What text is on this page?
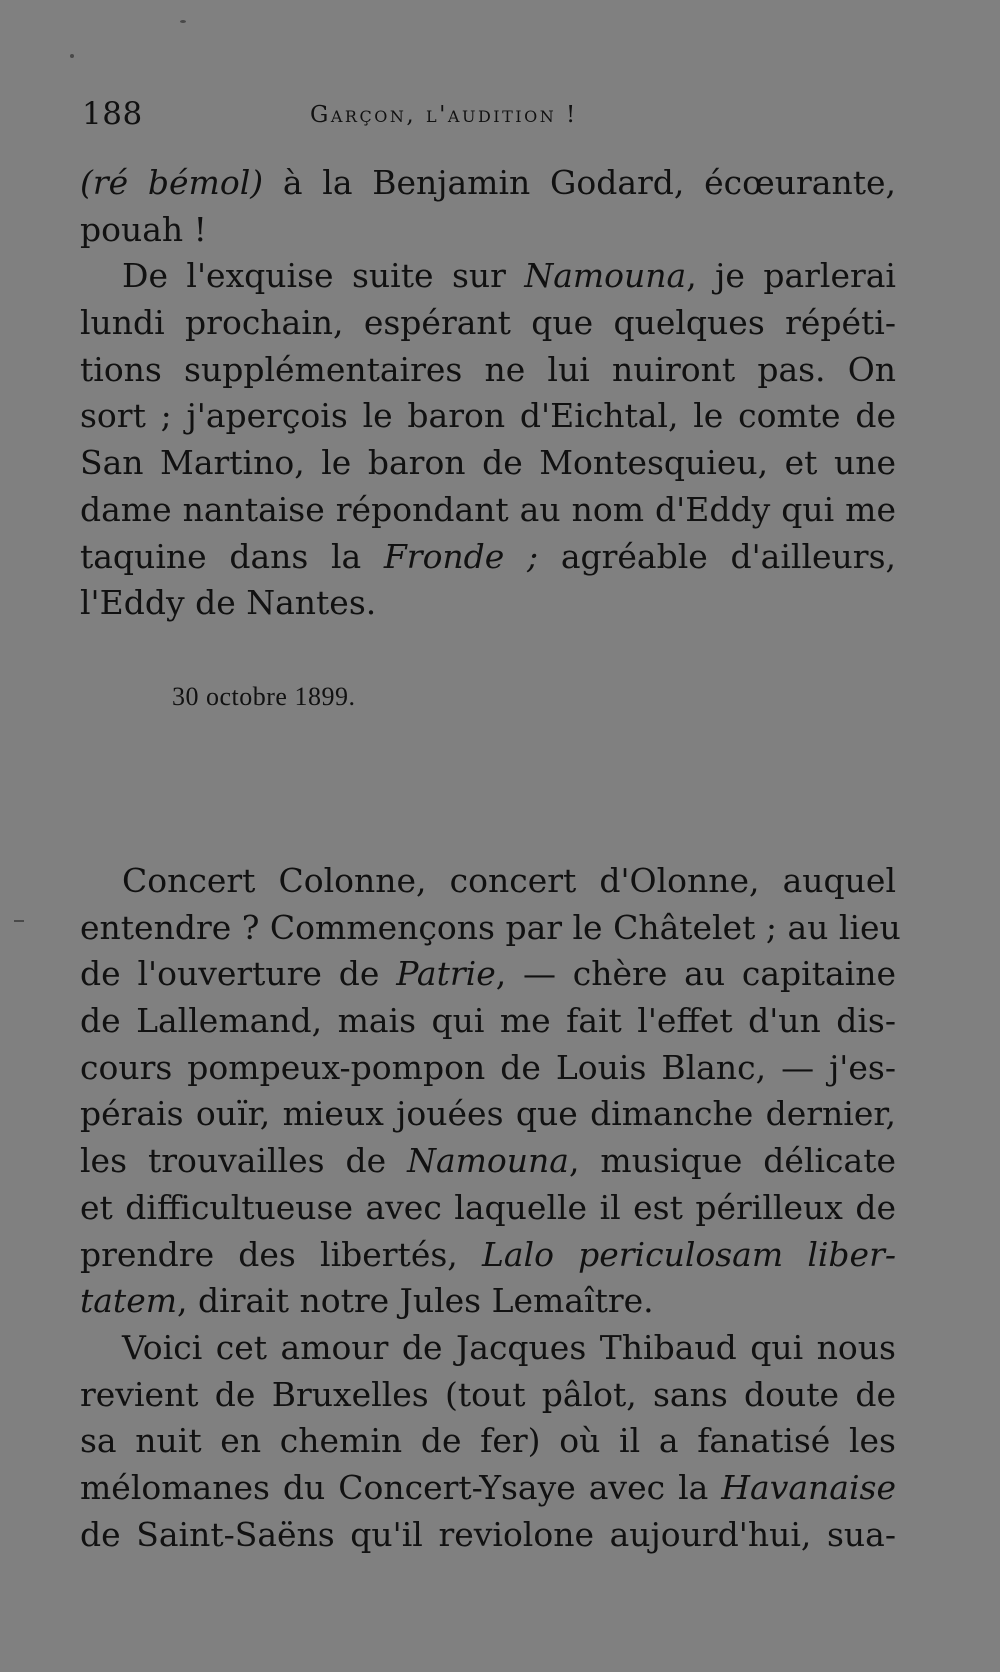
188	Garçon, l'audition !
(ré bémol) à la Benjamin Godard, écœurante,
pouah !
De l'exquise suite sur Namouna, je parlerai
lundi prochain, espérant que quelques répéti-
tions supplémentaires ne lui nuiront pas. On
sort ; j'aperçois le baron d'Eichtal, le comte de
San Martino, le baron de Montesquieu, et une
dame nantaise répondant au nom d'Eddy qui me
taquine dans la Fronde ; agréable d'ailleurs,
l'Eddy de Nantes.
30 octobre 1899.
Concert Colonne, concert d'Olonne, auquel
entendre ? Commençons par le Châtelet ; au lieu
de l'ouverture de Patrie, — chère au capitaine
de Lallemand, mais qui me fait l'effet d'un dis-
cours pompeux-pompon de Louis Blanc, — j'es-
pérais ouïr, mieux jouées que dimanche dernier,
les trouvailles de Namouna, musique délicate
et difficultueuse avec laquelle il est périlleux de
prendre des libertés, Lalo periculosam liber-
tatem, dirait notre Jules Lemaître.
Voici cet amour de Jacques Thibaud qui nous
revient de Bruxelles (tout pâlot, sans doute de
sa nuit en chemin de fer) où il a fanatisé les
mélomanes du Concert-Ysaye avec la Havanaise
de Saint-Saëns qu'il reviolone aujourd'hui, sua-
